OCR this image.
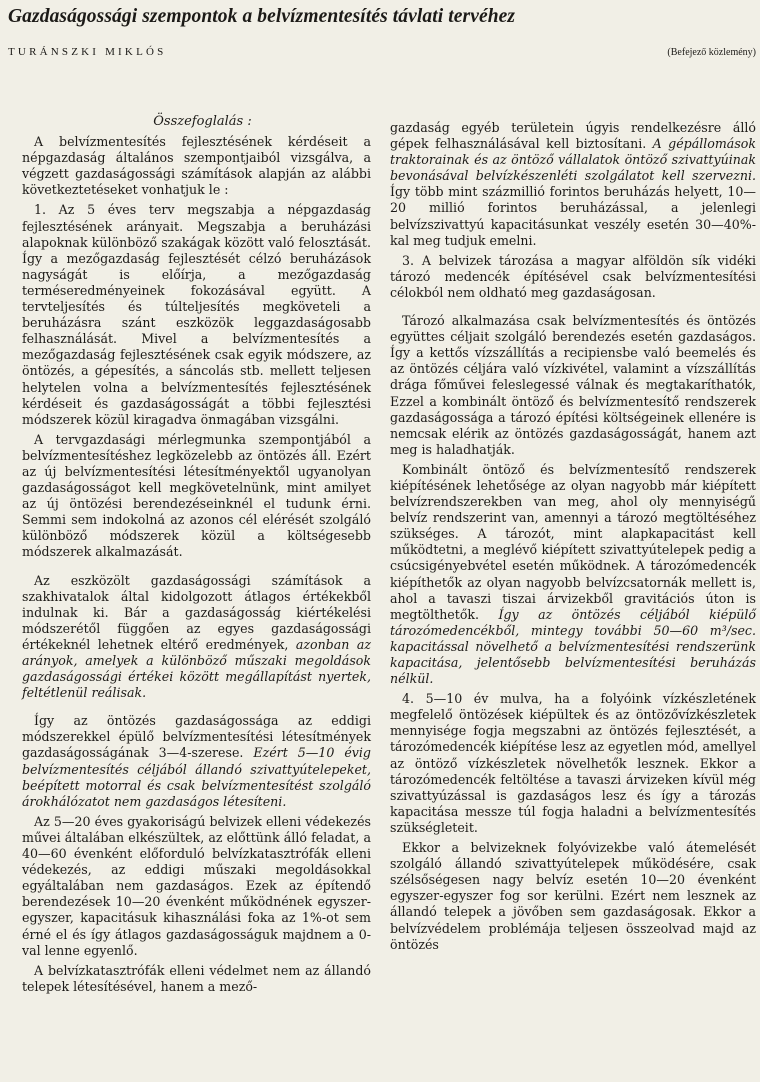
Gazdaságossági szempontok a belvízmentesítés távlati tervéhez
TURÁNSZKI MIKLÓS	(Befejező közlemény)

Összefoglalás :

A belvízmentesítés fejlesztésének kérdéseit a népgazdaság általános szempontjaiból vizsgálva, a végzett gazdaságossági számítások alapján az alábbi következtetéseket vonhatjuk le :

1. Az 5 éves terv megszabja a népgazdaság fejlesztésének arányait. Megszabja a beruházási alapoknak különböző szakágak között való felosztását. Így a mezőgazdaság fejlesztését célzó beruházások nagyságát is előírja, a mezőgazdaság terméseredményeinek fokozásával együtt. A tervteljesítés és túlteljesítés megköveteli a beruházásra szánt eszközök leggazdaságosabb felhasználását. Mivel a belvízmentesítés a mezőgazdaság fejlesztésének csak egyik módszere, az öntözés, a gépesítés, a sáncolás stb. mellett teljesen helytelen volna a belvízmentesítés fejlesztésének kérdéseit és gazdaságosságát a többi fejlesztési módszerek közül kiragadva önmagában vizsgálni.

A tervgazdasági mérlegmunka szempontjából a belvízmentesítéshez legközelebb az öntözés áll. Ezért az új belvízmentesítési létesítményektől ugyanolyan gazdaságosságot kell megkövetelnünk, mint amilyet az új öntözési berendezéseinknél el tudunk érni. Semmi sem indokolná az azonos cél elérését szolgáló különböző módszerek közül a költségesebb módszerek alkalmazását.

Az eszközölt gazdaságossági számítások a szakhivatalok által kidolgozott átlagos értékekből indulnak ki. Bár a gazdaságosság kiértékelési módszerétől függően az egyes gazdaságossági értékeknél lehetnek eltérő eredmények, azonban az arányok, amelyek a különböző műszaki megoldások gazdaságossági értékei között megállapítást nyertek, feltétlenül reálisak.

Így az öntözés gazdaságossága az eddigi módszerekkel épülő belvízmentesítési létesítmények gazdaságosságának 3—4-szerese. Ezért 5—10 évig belvízmentesítés céljából állandó szivattyútelepeket, beépített motorral és csak belvízmentesítést szolgáló árokhálózatot nem gazdaságos létesíteni.

Az 5—20 éves gyakoriságú belvizek elleni védekezés művei általában elkészültek, az előttünk álló feladat, a 40—60 évenként előforduló belvízkatasztrófák elleni védekezés, az eddigi műszaki megoldásokkal egyáltalában nem gazdaságos. Ezek az építendő berendezések 10—20 évenként működnének egyszer-egyszer, kapacitásuk kihasználási foka az 1%-ot sem érné el és így átlagos gazdaságosságuk majdnem a 0-val lenne egyenlő.

A belvízkatasztrófák elleni védelmet nem az állandó telepek létesítésével, hanem a mező-

gazdaság egyéb területein úgyis rendelkezésre álló gépek felhasználásával kell biztosítani. A gépállomások traktorainak és az öntöző vállalatok öntöző szivattyúinak bevonásával belvízkészenléti szolgálatot kell szervezni. Így több mint százmillió forintos beruházás helyett, 10—20 millió forintos beruházással, a jelenlegi belvízszivattyú kapacitásunkat veszély esetén 30—40%-kal meg tudjuk emelni.

3. A belvizek tározása a magyar alföldön sík vidéki tározó medencék építésével csak belvízmentesítési célokból nem oldható meg gazdaságosan.

Tározó alkalmazása csak belvízmentesítés és öntözés együttes céljait szolgáló berendezés esetén gazdaságos. Így a kettős vízszállítás a recipiensbe való beemelés és az öntözés céljára való vízkivétel, valamint a vízszállítás drága főművei feleslegessé válnak és megtakaríthatók, Ezzel a kombinált öntöző és belvízmentesítő rendszerek gazdaságossága a tározó építési költségeinek ellenére is nemcsak elérik az öntözés gazdaságosságát, hanem azt meg is haladhatják.

Kombinált öntöző és belvízmentesítő rendszerek kiépítésének lehetősége az olyan nagyobb már kiépített belvízrendszerekben van meg, ahol oly mennyiségű belvíz rendszerint van, amennyi a tározó megtöltéséhez szükséges. A tározót, mint alapkapacitást kell működtetni, a meglévő kiépített szivattyútelepek pedig a csúcsigényebvétel esetén működnek. A tározómedencék kiépíthetők az olyan nagyobb belvízcsatornák mellett is, ahol a tavaszi tiszai árvizekből gravitációs úton is megtölthetők. Így az öntözés céljából kiépülő tározómedencékből, mintegy további 50—60 m³/sec. kapacitással növelhető a belvízmentesítési rendszerünk kapacitása, jelentősebb belvízmentesítési beruházás nélkül.

4. 5—10 év mulva, ha a folyóink vízkészletének megfelelő öntözések kiépültek és az öntözővízkészletek mennyisége fogja megszabni az öntözés fejlesztését, a tározómedencék kiépítése lesz az egyetlen mód, amellyel az öntöző vízkészletek növelhetők lesznek. Ekkor a tározómedencék feltöltése a tavaszi árvizeken kívül még szivattyúzással is gazdaságos lesz és így a tározás kapacitása messze túl fogja haladni a belvízmentesítés szükségleteit.

Ekkor a belvizeknek folyóvizekbe való átemelését szolgáló állandó szivattyútelepek működésére, csak szélsőségesen nagy belvíz esetén 10—20 évenként egyszer-egyszer fog sor kerülni. Ezért nem lesznek az állandó telepek a jövőben sem gazdaságosak. Ekkor a belvízvédelem problémája teljesen összeolvad majd az öntözés
